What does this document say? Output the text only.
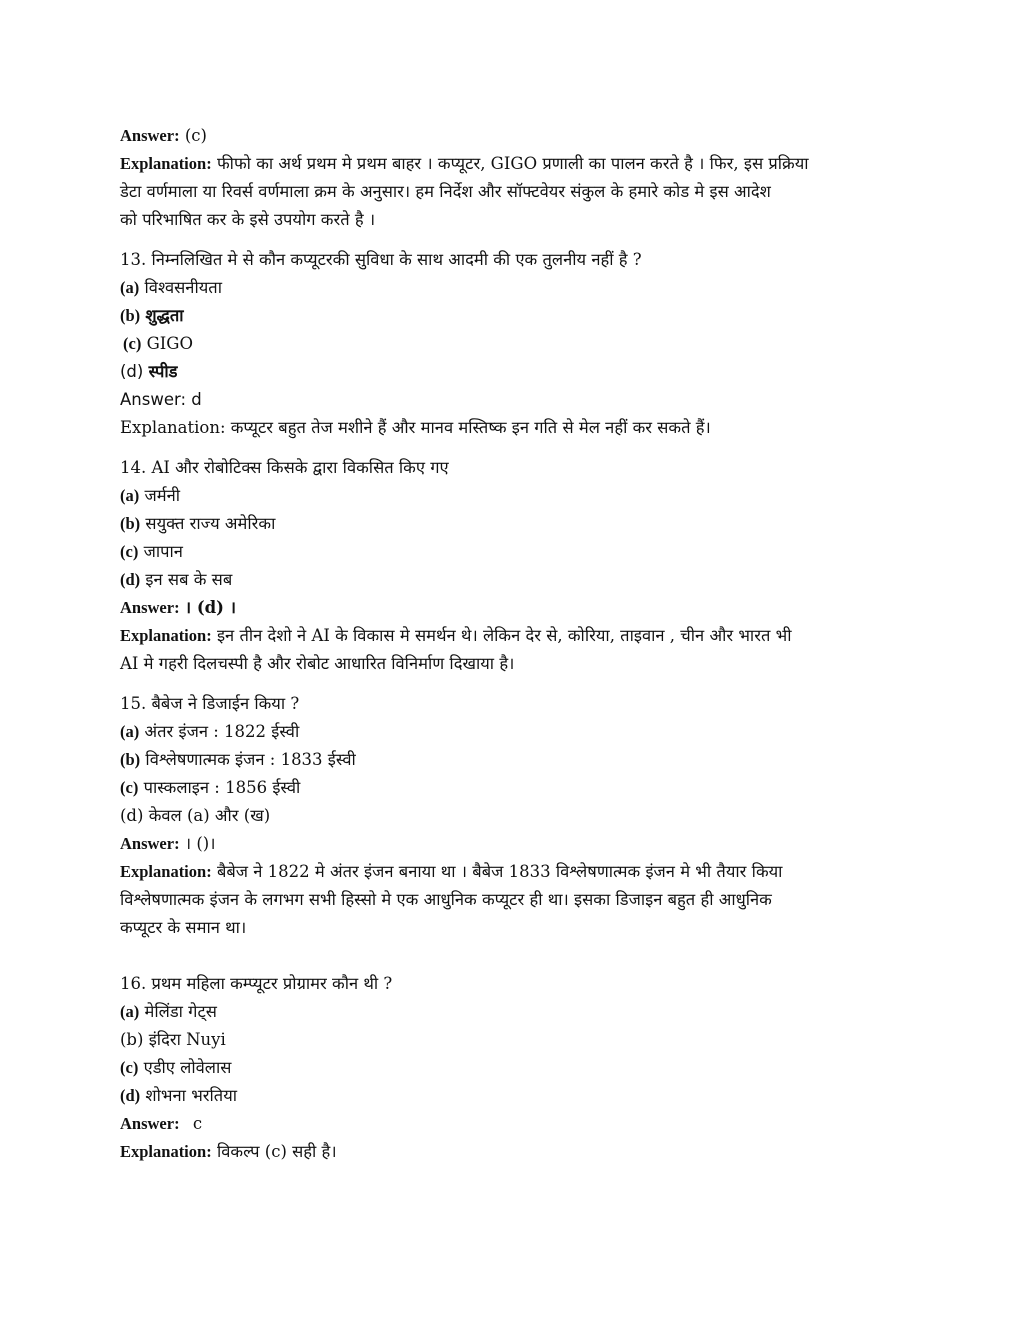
Answer: (c)
Explanation: फीफो का अर्थ प्रथम मे प्रथम बाहर । कप्यूटर, GIGO प्रणाली का पालन करते है । फिर, इस प्रक्रिया
डेटा वर्णमाला या रिवर्स वर्णमाला क्रम के अनुसार। हम निर्देश और सॉफ्टवेयर संकुल के हमारे कोड मे इस आदेश
को परिभाषित कर के इसे उपयोग करते है ।
13. निम्नलिखित मे से कौन कप्यूटरकी सुविधा के साथ आदमी की एक तुलनीय नहीं है ?
(a) विश्वसनीयता
(b) शुद्धता
(c) GIGO
(d) स्पीड
Answer: d
Explanation: कप्यूटर बहुत तेज मशीने हैं और मानव मस्तिष्क इन गति से मेल नहीं कर सकते हैं।
14. AI और रोबोटिक्स किसके द्वारा विकसित किए गए
(a) जर्मनी
(b) सयुक्त राज्य अमेरिका
(c) जापान
(d) इन सब के सब
Answer: । (d) ।
Explanation: इन तीन देशो ने AI के विकास मे समर्थन थे। लेकिन देर से, कोरिया, ताइवान , चीन और भारत भी
AI मे गहरी दिलचस्पी है और रोबोट आधारित विनिर्माण दिखाया है।
15. बैबेज ने डिजाईन किया ?
(a) अंतर इंजन : 1822 ईस्वी
(b) विश्लेषणात्मक इंजन : 1833 ईस्वी
(c) पास्कलाइन : 1856 ईस्वी
(d) केवल (a) और (ख)
Answer: । ()।
Explanation: बैबेज ने 1822 मे अंतर इंजन बनाया था । बैबेज 1833 विश्लेषणात्मक इंजन मे भी तैयार किया
विश्लेषणात्मक इंजन के लगभग सभी हिस्सो मे एक आधुनिक कप्यूटर ही था। इसका डिजाइन बहुत ही आधुनिक
कप्यूटर के समान था।
16. प्रथम महिला कम्प्यूटर प्रोग्रामर कौन थी ?
(a) मेलिंडा गेट्स
(b) इंदिरा Nuyi
(c) एडीए लोवेलास
(d) शोभना भरतिया
Answer: c
Explanation: विकल्प (c) सही है।
